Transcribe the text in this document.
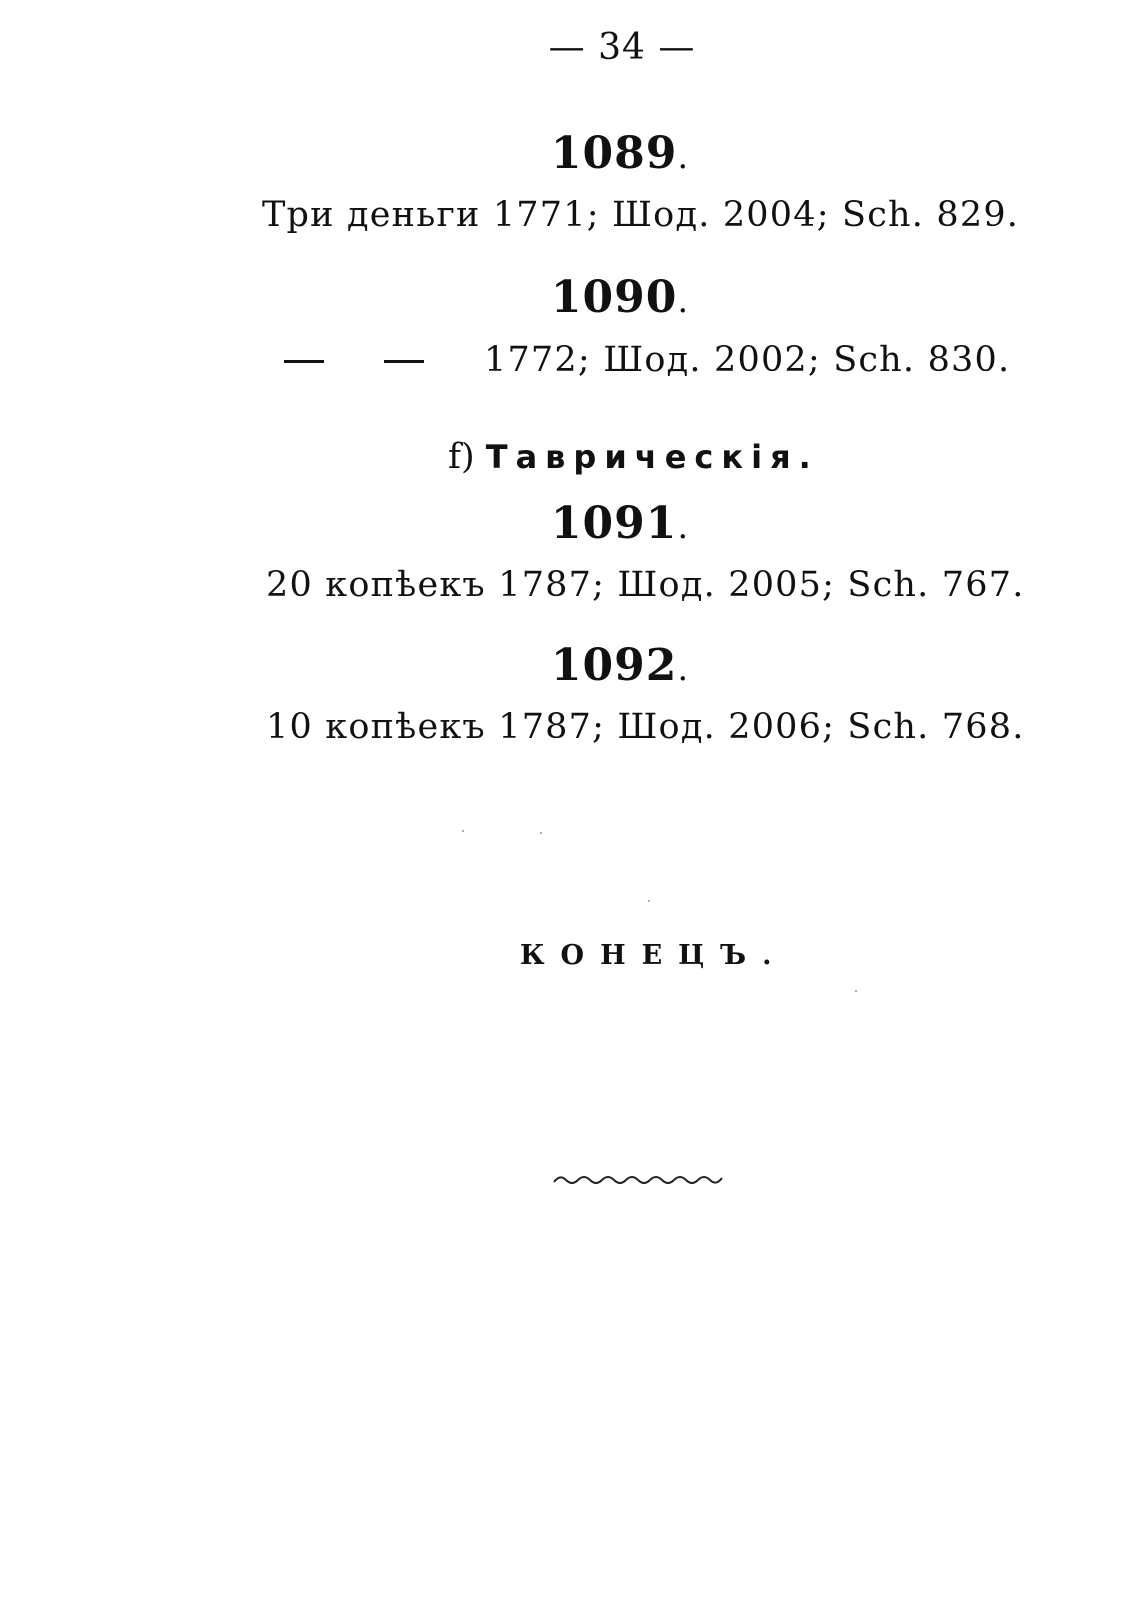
— 34 —
1089.
Три деньги 1771; Шод. 2004; Sch. 829.
1090.
1772; Шод. 2002; Sch. 830.
f) Таврическія.
1091.
20 копѣекъ 1787; Шод. 2005; Sch. 767.
1092.
10 копѣекъ 1787; Шод. 2006; Sch. 768.
КОНЕЦЪ.
